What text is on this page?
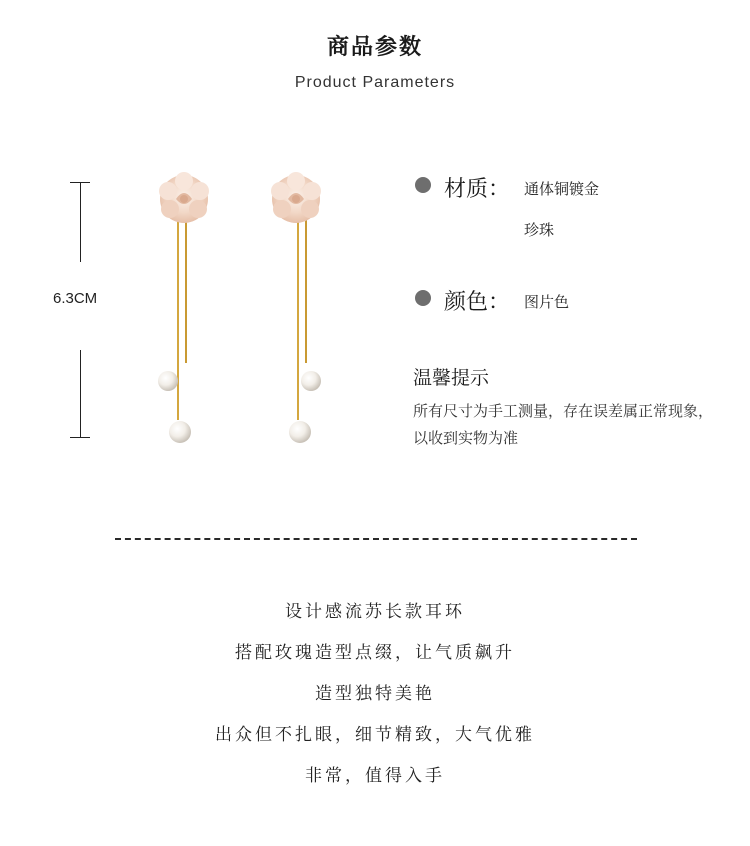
商品参数
Product Parameters
6.3CM
材质： 通体铜镀金
珍珠
颜色： 图片色
温馨提示
所有尺寸为手工测量，存在误差属正常现象，以收到实物为准
设计感流苏长款耳环
搭配玫瑰造型点缀，让气质飙升
造型独特美艳
出众但不扎眼，细节精致，大气优雅
非常，值得入手
